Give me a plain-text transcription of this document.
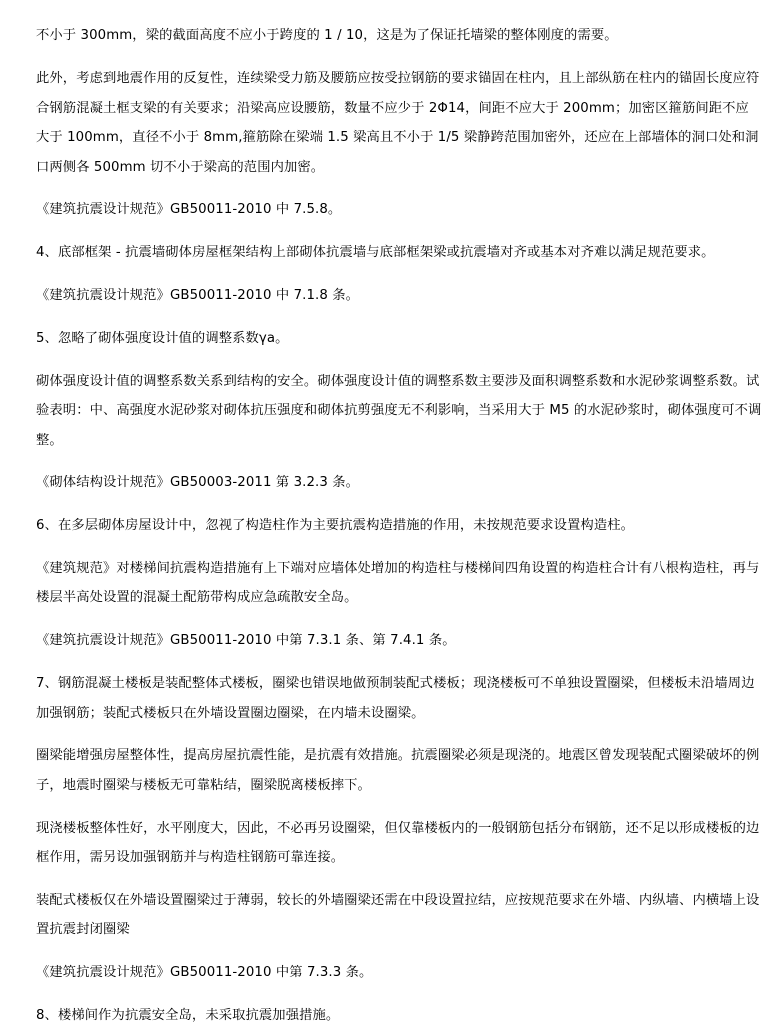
不小于 300mm，梁的截面高度不应小于跨度的 1 / 10，这是为了保证托墙梁的整体刚度的需要。

此外，考虑到地震作用的反复性，连续梁受力筋及腰筋应按受拉钢筋的要求锚固在柱内，且上部纵筋在柱内的锚固长度应符合钢筋混凝土框支梁的有关要求；沿梁高应设腰筋，数量不应少于 2Φ14，间距不应大于 200mm；加密区箍筋间距不应大于 100mm，直径不小于 8mm,箍筋除在梁端 1.5 梁高且不小于 1/5 梁静跨范围加密外，还应在上部墙体的洞口处和洞口两侧各 500mm 切不小于梁高的范围内加密。

《建筑抗震设计规范》GB50011-2010 中 7.5.8。

4、底部框架 - 抗震墙砌体房屋框架结构上部砌体抗震墙与底部框架梁或抗震墙对齐或基本对齐难以满足规范要求。

《建筑抗震设计规范》GB50011-2010 中 7.1.8 条。

5、忽略了砌体强度设计值的调整系数γa。

砌体强度设计值的调整系数关系到结构的安全。砌体强度设计值的调整系数主要涉及面积调整系数和水泥砂浆调整系数。试验表明：中、高强度水泥砂浆对砌体抗压强度和砌体抗剪强度无不利影响，当采用大于 M5 的水泥砂浆时，砌体强度可不调整。

《砌体结构设计规范》GB50003-2011 第 3.2.3 条。

6、在多层砌体房屋设计中，忽视了构造柱作为主要抗震构造措施的作用，未按规范要求设置构造柱。

《建筑规范》对楼梯间抗震构造措施有上下端对应墙体处增加的构造柱与楼梯间四角设置的构造柱合计有八根构造柱，再与楼层半高处设置的混凝土配筋带构成应急疏散安全岛。

《建筑抗震设计规范》GB50011-2010 中第 7.3.1 条、第 7.4.1 条。

7、钢筋混凝土楼板是装配整体式楼板，圈梁也错误地做预制装配式楼板；现浇楼板可不单独设置圈梁，但楼板未沿墙周边加强钢筋；装配式楼板只在外墙设置圈边圈梁，在内墙未设圈梁。

圈梁能增强房屋整体性，提高房屋抗震性能，是抗震有效措施。抗震圈梁必须是现浇的。地震区曾发现装配式圈梁破坏的例子，地震时圈梁与楼板无可靠粘结，圈梁脱离楼板摔下。

现浇楼板整体性好，水平刚度大，因此，不必再另设圈梁，但仅靠楼板内的一般钢筋包括分布钢筋，还不足以形成楼板的边框作用，需另设加强钢筋并与构造柱钢筋可靠连接。

装配式楼板仅在外墙设置圈梁过于薄弱，较长的外墙圈梁还需在中段设置拉结，应按规范要求在外墙、内纵墙、内横墙上设置抗震封闭圈梁

《建筑抗震设计规范》GB50011-2010 中第 7.3.3 条。

8、楼梯间作为抗震安全岛，未采取抗震加强措施。
